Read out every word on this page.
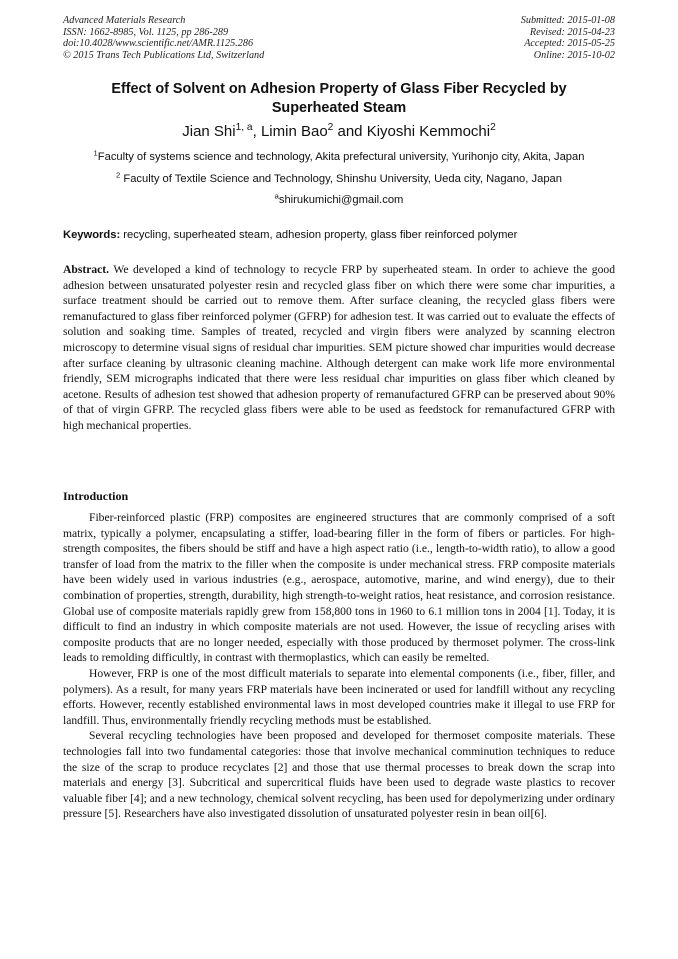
Advanced Materials Research
ISSN: 1662-8985, Vol. 1125, pp 286-289
doi:10.4028/www.scientific.net/AMR.1125.286
© 2015 Trans Tech Publications Ltd, Switzerland
Submitted: 2015-01-08
Revised: 2015-04-23
Accepted: 2015-05-25
Online: 2015-10-02
Effect of Solvent on Adhesion Property of Glass Fiber Recycled by
Superheated Steam
Jian Shi$^{1, a}$, Limin Bao$^2$ and Kiyoshi Kemmochi$^2$
$^1$Faculty of systems science and technology, Akita prefectural university, Yurihonjo city, Akita, Japan
$^2$ Faculty of Textile Science and Technology, Shinshu University, Ueda city, Nagano, Japan
$^a$shirukumichi@gmail.com
Keywords: recycling, superheated steam, adhesion property, glass fiber reinforced polymer
Abstract. We developed a kind of technology to recycle FRP by superheated steam. In order to achieve the good adhesion between unsaturated polyester resin and recycled glass fiber on which there were some char impurities, a surface treatment should be carried out to remove them. After surface cleaning, the recycled glass fibers were remanufactured to glass fiber reinforced polymer (GFRP) for adhesion test. It was carried out to evaluate the effects of solution and soaking time. Samples of treated, recycled and virgin fibers were analyzed by scanning electron microscopy to determine visual signs of residual char impurities. SEM picture showed char impurities would decrease after surface cleaning by ultrasonic cleaning machine. Although detergent can make work life more environmental friendly, SEM micrographs indicated that there were less residual char impurities on glass fiber which cleaned by acetone. Results of adhesion test showed that adhesion property of remanufactured GFRP can be preserved about 90% of that of virgin GFRP. The recycled glass fibers were able to be used as feedstock for remanufactured GFRP with high mechanical properties.
Introduction

Fiber-reinforced plastic (FRP) composites are engineered structures that are commonly comprised of a soft matrix, typically a polymer, encapsulating a stiffer, load-bearing filler in the form of fibers or particles. For high-strength composites, the fibers should be stiff and have a high aspect ratio (i.e., length-to-width ratio), to allow a good transfer of load from the matrix to the filler when the composite is under mechanical stress. FRP composite materials have been widely used in various industries (e.g., aerospace, automotive, marine, and wind energy), due to their combination of properties, strength, durability, high strength-to-weight ratios, heat resistance, and corrosion resistance. Global use of composite materials rapidly grew from 158,800 tons in 1960 to 6.1 million tons in 2004 [1]. Today, it is difficult to find an industry in which composite materials are not used. However, the issue of recycling arises with composite products that are no longer needed, especially with those produced by thermoset polymer. The cross-link leads to remolding difficultly, in contrast with thermoplastics, which can easily be remelted.

However, FRP is one of the most difficult materials to separate into elemental components (i.e., fiber, filler, and polymers). As a result, for many years FRP materials have been incinerated or used for landfill without any recycling efforts. However, recently established environmental laws in most developed countries make it illegal to use FRP for landfill. Thus, environmentally friendly recycling methods must be established.

Several recycling technologies have been proposed and developed for thermoset composite materials. These technologies fall into two fundamental categories: those that involve mechanical comminution techniques to reduce the size of the scrap to produce recyclates [2] and those that use thermal processes to break down the scrap into materials and energy [3]. Subcritical and supercritical fluids have been used to degrade waste plastics to recover valuable fiber [4]; and a new technology, chemical solvent recycling, has been used for depolymerizing under ordinary pressure [5]. Researchers have also investigated dissolution of unsaturated polyester resin in bean oil[6].
